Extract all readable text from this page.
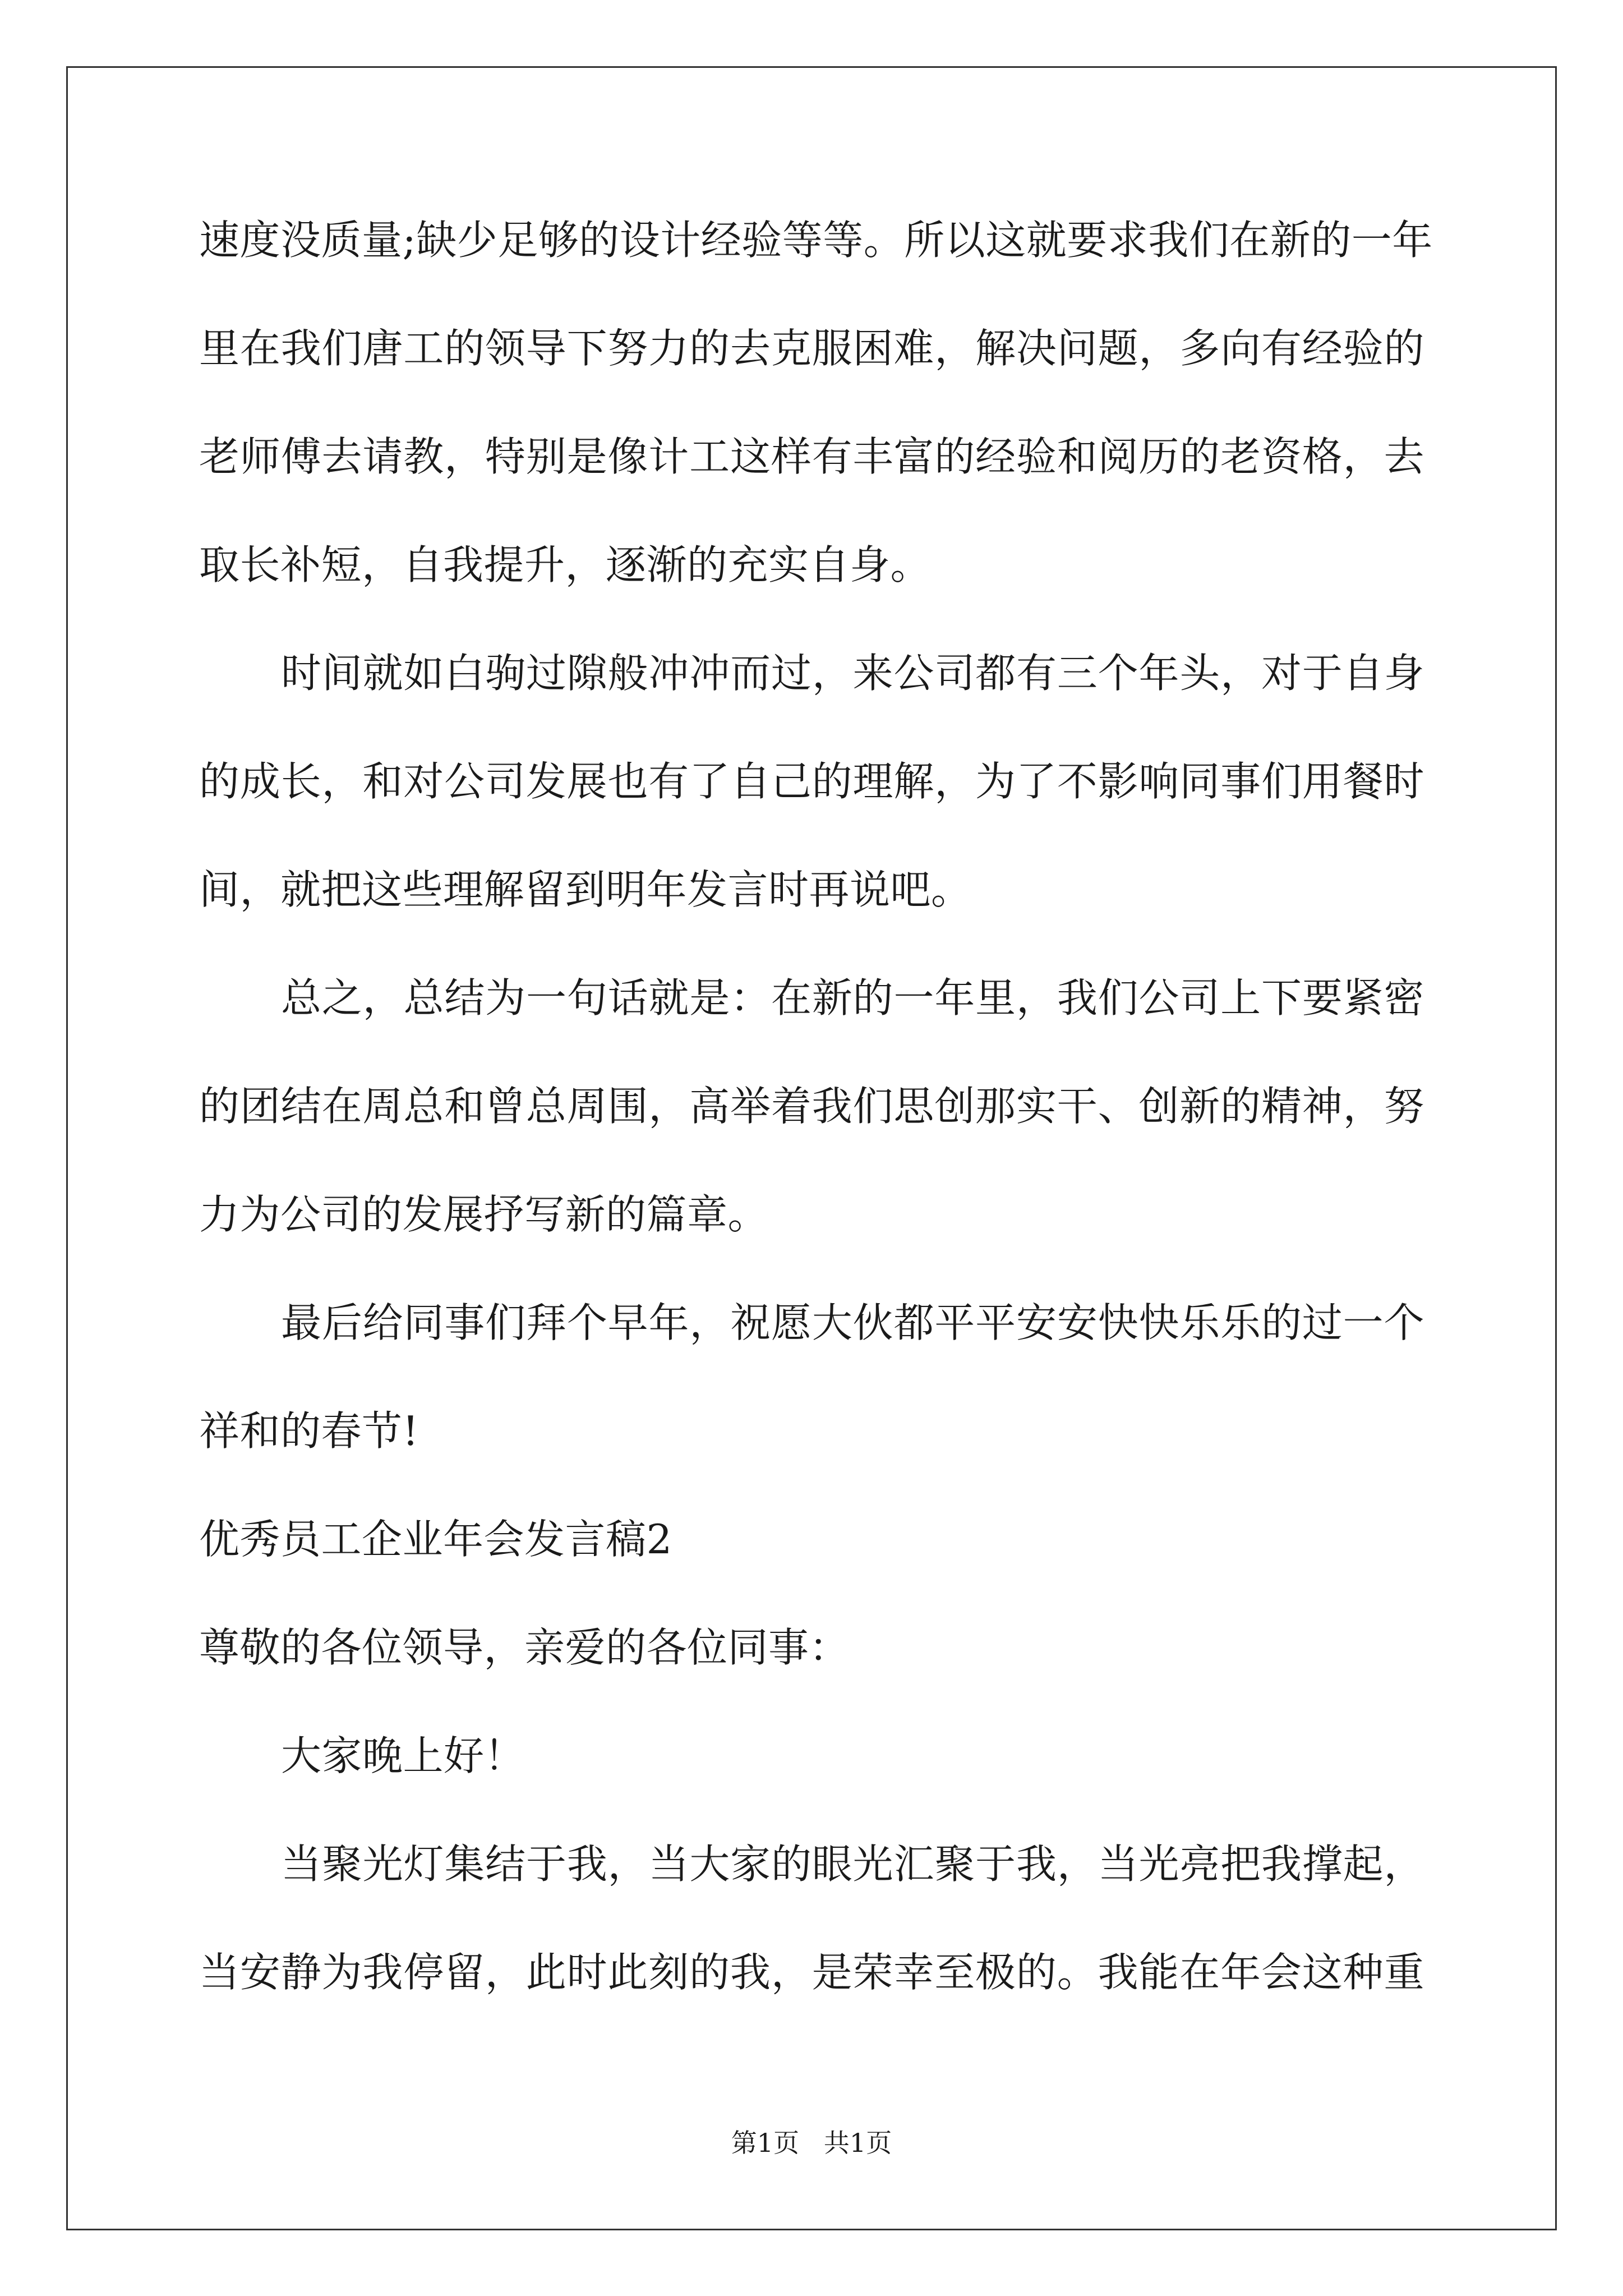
速度没质量;缺少足够的设计经验等等。所以这就要求我们在新的一年
里在我们唐工的领导下努力的去克服困难，解决问题，多向有经验的
老师傅去请教，特别是像计工这样有丰富的经验和阅历的老资格，去
取长补短，自我提升，逐渐的充实自身。
时间就如白驹过隙般冲冲而过，来公司都有三个年头，对于自身
的成长，和对公司发展也有了自己的理解，为了不影响同事们用餐时
间，就把这些理解留到明年发言时再说吧。
总之，总结为一句话就是：在新的一年里，我们公司上下要紧密
的团结在周总和曾总周围，高举着我们思创那实干、创新的精神，努
力为公司的发展抒写新的篇章。
最后给同事们拜个早年，祝愿大伙都平平安安快快乐乐的过一个
祥和的春节!
优秀员工企业年会发言稿2
尊敬的各位领导，亲爱的各位同事：
大家晚上好！
当聚光灯集结于我，当大家的眼光汇聚于我，当光亮把我撑起，
当安静为我停留，此时此刻的我，是荣幸至极的。我能在年会这种重
第1页   共1页
